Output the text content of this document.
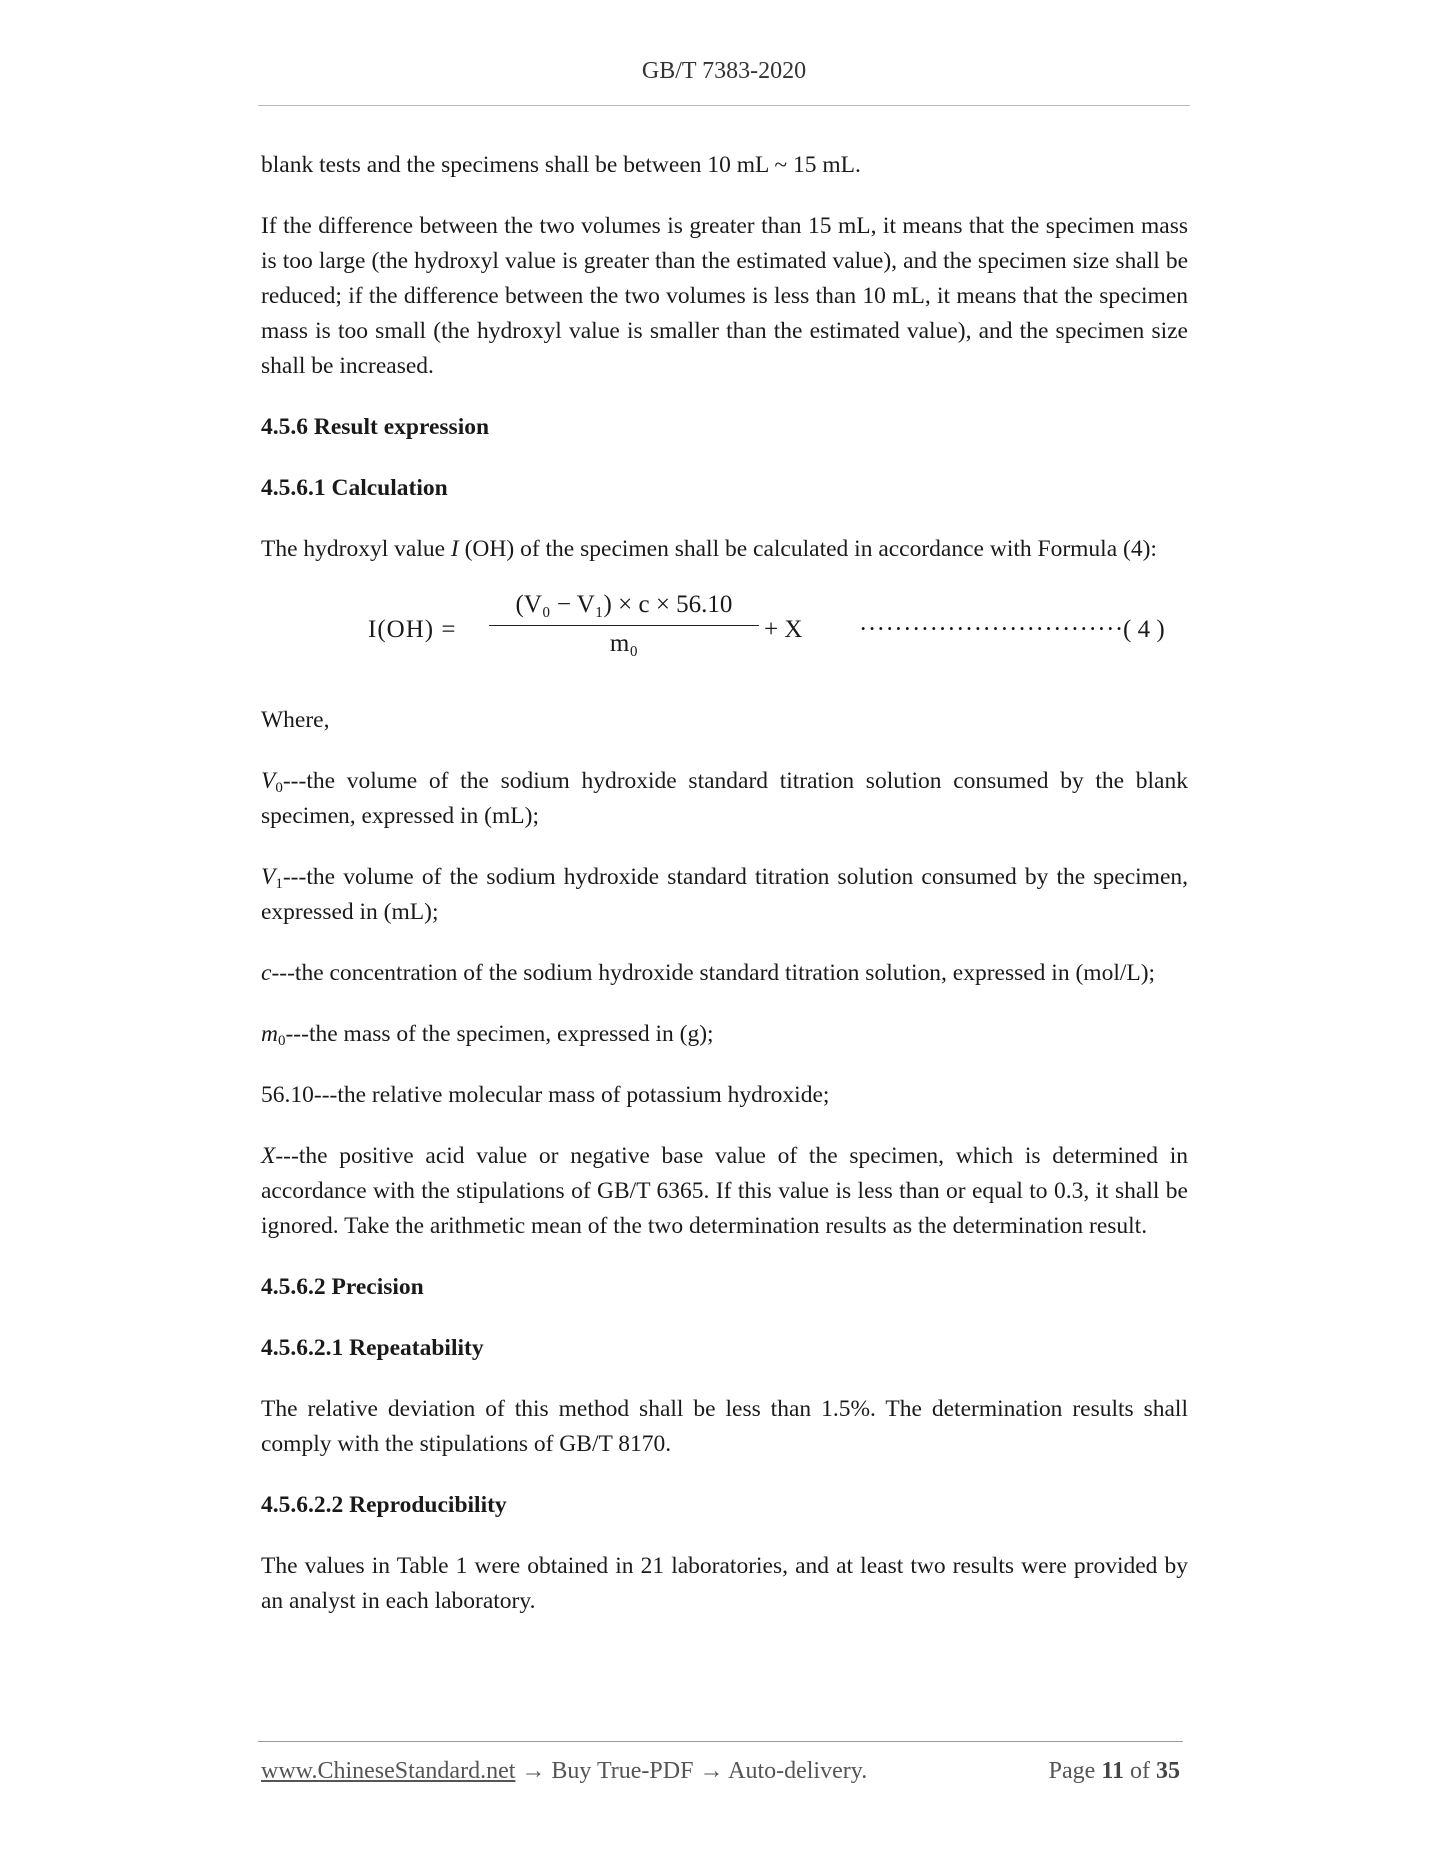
GB/T 7383-2020

blank tests and the specimens shall be between 10 mL ~ 15 mL.

If the difference between the two volumes is greater than 15 mL, it means that the specimen mass is too large (the hydroxyl value is greater than the estimated value), and the specimen size shall be reduced; if the difference between the two volumes is less than 10 mL, it means that the specimen mass is too small (the hydroxyl value is smaller than the estimated value), and the specimen size shall be increased.

4.5.6 Result expression

4.5.6.1 Calculation

The hydroxyl value I (OH) of the specimen shall be calculated in accordance with Formula (4):

I(OH) =
(V₀ − V₁) × c × 56.10
m₀
+ X ······························ ( 4 )

Where,

$V_0--$-the volume of the sodium hydroxide standard titration solution consumed by the blank specimen, expressed in (mL);

$V_1--$-the volume of the sodium hydroxide standard titration solution consumed by the specimen, expressed in (mL);

c---the concentration of the sodium hydroxide standard titration solution, expressed in (mol/L);

$m_0--$-the mass of the specimen, expressed in (g);

56.10---the relative molecular mass of potassium hydroxide;

X---the positive acid value or negative base value of the specimen, which is determined in accordance with the stipulations of GB/T 6365. If this value is less than or equal to 0.3, it shall be ignored. Take the arithmetic mean of the two determination results as the determination result.

4.5.6.2 Precision

4.5.6.2.1 Repeatability

The relative deviation of this method shall be less than 1.5%. The determination results shall comply with the stipulations of GB/T 8170.

4.5.6.2.2 Reproducibility

The values in Table 1 were obtained in 21 laboratories, and at least two results were provided by an analyst in each laboratory.

www.ChineseStandard.net → Buy True-PDF → Auto-delivery.	Page 11 of 35
